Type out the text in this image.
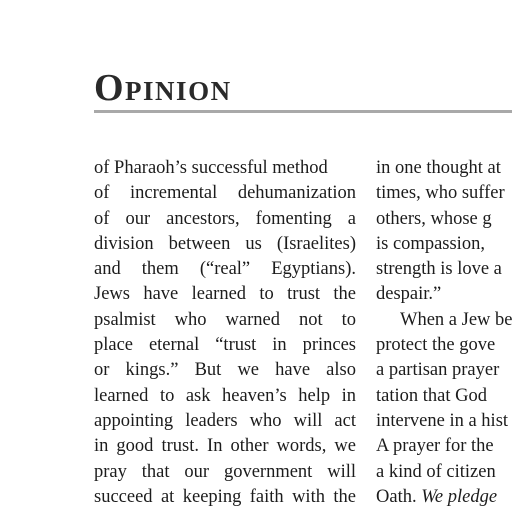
Opinion
of Pharaoh’s successful method
of incremental dehumanization
of our ancestors, fomenting a
division between us (Israelites)
and them (“real” Egyptians).
Jews have learned to trust the
psalmist who warned not to
place eternal “trust in princes
or kings.” But we have also
learned to ask heaven’s help in
appointing leaders who will act
in good trust. In other words, we
pray that our government will
succeed at keeping faith with the
in one thought at
times, who suffer
others, whose g
is compassion,
strength is love a
despair.”
When a Jew be
protect the gove
a partisan prayer
tation that God
intervene in a hist
A prayer for the
a kind of citizen
Oath. We pledge
